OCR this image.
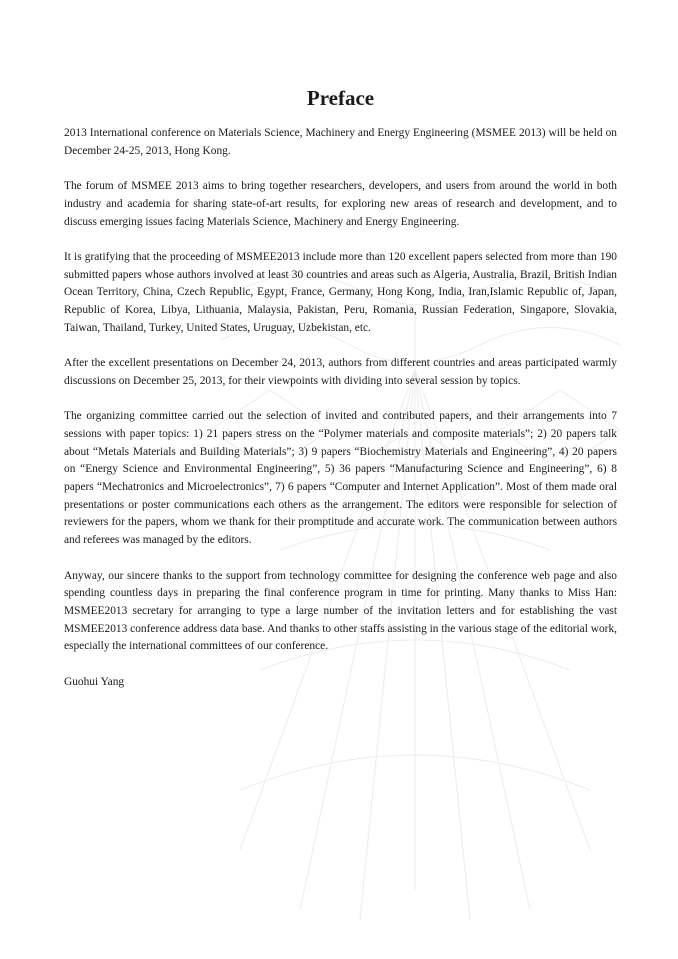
Preface

2013 International conference on Materials Science, Machinery and Energy Engineering (MSMEE 2013) will be held on December 24-25, 2013, Hong Kong.

The forum of MSMEE 2013 aims to bring together researchers, developers, and users from around the world in both industry and academia for sharing state-of-art results, for exploring new areas of research and development, and to discuss emerging issues facing Materials Science, Machinery and Energy Engineering.

It is gratifying that the proceeding of MSMEE2013 include more than 120 excellent papers selected from more than 190 submitted papers whose authors involved at least 30 countries and areas such as Algeria, Australia, Brazil, British Indian Ocean Territory, China, Czech Republic, Egypt, France, Germany, Hong Kong, India, Iran,Islamic Republic of, Japan, Republic of Korea, Libya, Lithuania, Malaysia, Pakistan, Peru, Romania, Russian Federation, Singapore, Slovakia, Taiwan, Thailand, Turkey, United States, Uruguay, Uzbekistan, etc.

After the excellent presentations on December 24, 2013, authors from different countries and areas participated warmly discussions on December 25, 2013, for their viewpoints with dividing into several session by topics.

The organizing committee carried out the selection of invited and contributed papers, and their arrangements into 7 sessions with paper topics: 1) 21 papers stress on the “Polymer materials and composite materials”; 2) 20 papers talk about “Metals Materials and Building Materials”; 3) 9 papers “Biochemistry Materials and Engineering”, 4) 20 papers on “Energy Science and Environmental Engineering”, 5) 36 papers “Manufacturing Science and Engineering”, 6) 8 papers “Mechatronics and Microelectronics”, 7) 6 papers “Computer and Internet Application”. Most of them made oral presentations or poster communications each others as the arrangement. The editors were responsible for selection of reviewers for the papers, whom we thank for their promptitude and accurate work. The communication between authors and referees was managed by the editors.

Anyway, our sincere thanks to the support from technology committee for designing the conference web page and also spending countless days in preparing the final conference program in time for printing. Many thanks to Miss Han: MSMEE2013 secretary for arranging to type a large number of the invitation letters and for establishing the vast MSMEE2013 conference address data base. And thanks to other staffs assisting in the various stage of the editorial work, especially the international committees of our conference.

Guohui Yang
